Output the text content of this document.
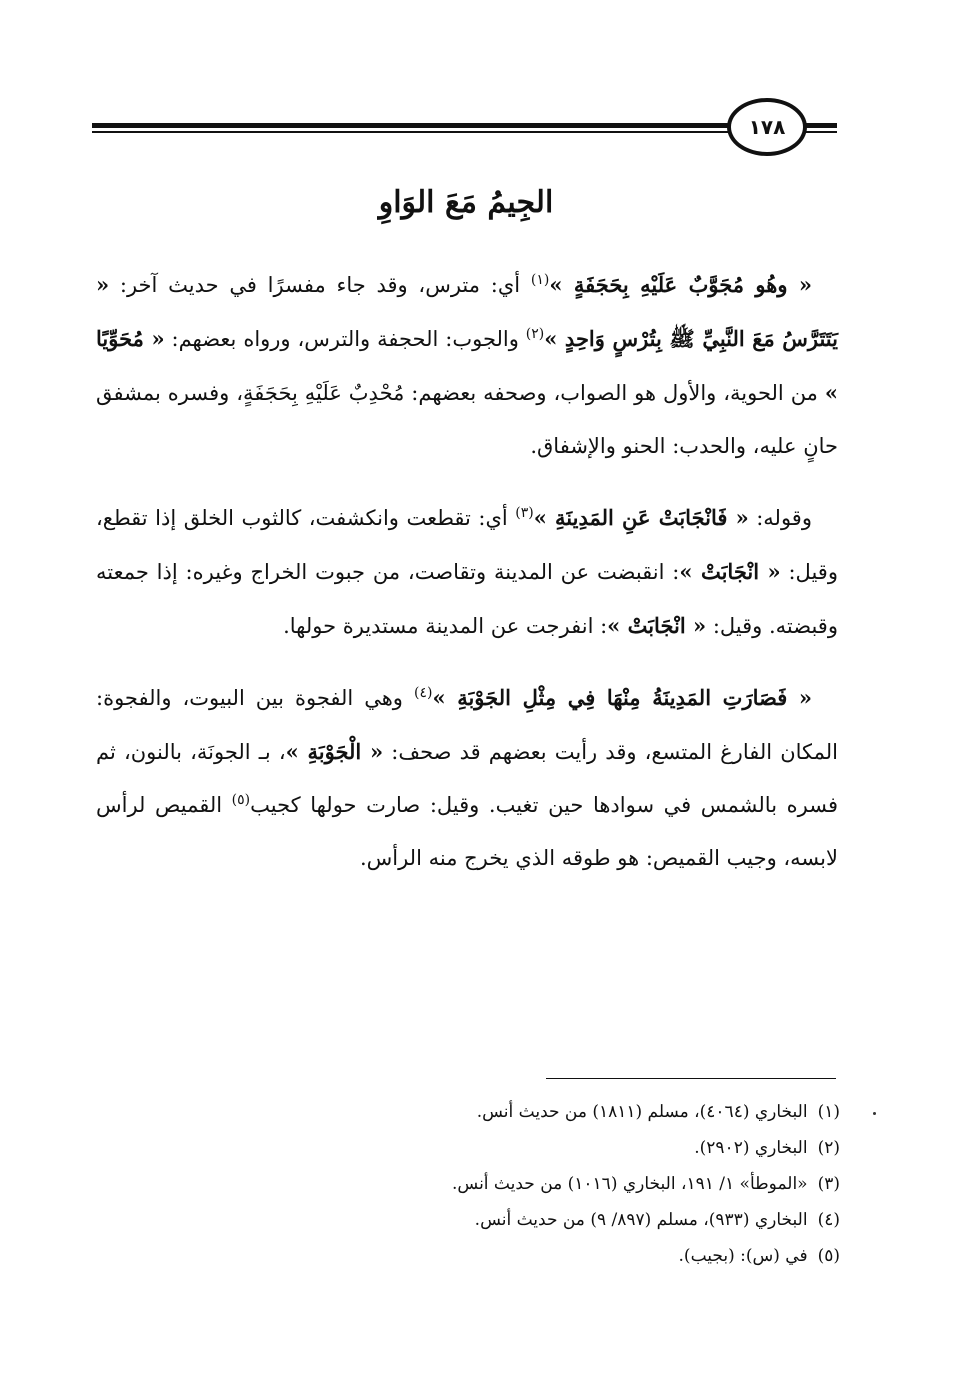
١٧٨
الجِيمُ مَعَ الوَاوِ

« وهُو مُجَوَّبٌ عَلَيْهِ بِحَجَفَةٍ »$^{(١)}$ أي: مترس، وقد جاء مفسرًا في حديث آخر: « يَتَتَرَّسُ مَعَ النَّبِيِّ ﷺ بِتُرْسٍ وَاحِدٍ »$^{(٢)}$ والجوب: الحجفة والترس، ورواه بعضهم: « مُحَوِّيًا » من الحوية، والأول هو الصواب، وصحفه بعضهم: مُحْدِبٌ عَلَيْهِ بِحَجَفَةٍ، وفسره بمشفق حانٍ عليه، والحدب: الحنو والإشفاق.

وقوله: « فَانْجَابَتْ عَنِ المَدِينَةِ »$^{(٣)}$ أي: تقطعت وانكشفت، كالثوب الخلق إذا تقطع، وقيل: « انْجَابَتْ »: انقبضت عن المدينة وتقاصت، من جبوت الخراج وغيره: إذا جمعته وقبضته. وقيل: « انْجَابَتْ »: انفرجت عن المدينة مستديرة حولها.

« فَصَارَتِ المَدِينَةُ مِنْهَا فِي مِثْلِ الجَوْبَةِ »$^{(٤)}$ وهي الفجوة بين البيوت، والفجوة: المكان الفارغ المتسع، وقد رأيت بعضهم قد صحف: « الْجَوْبَةِ »، بـ الجونَة، بالنون، ثم فسره بالشمس في سوادها حين تغيب. وقيل: صارت حولها كجيب$^{(٥)}$ القميص لرأس لابسه، وجيب القميص: هو طوقه الذي يخرج منه الرأس.

(١)البخاري (٤٠٦٤)، مسلم (١٨١١) من حديث أنس.
(٢)البخاري (٢٩٠٢).
(٣)«الموطأ» ١/ ١٩١، البخاري (١٠١٦) من حديث أنس.
(٤)البخاري (٩٣٣)، مسلم (٨٩٧/ ٩) من حديث أنس.
(٥)في (س): (بجيب).
